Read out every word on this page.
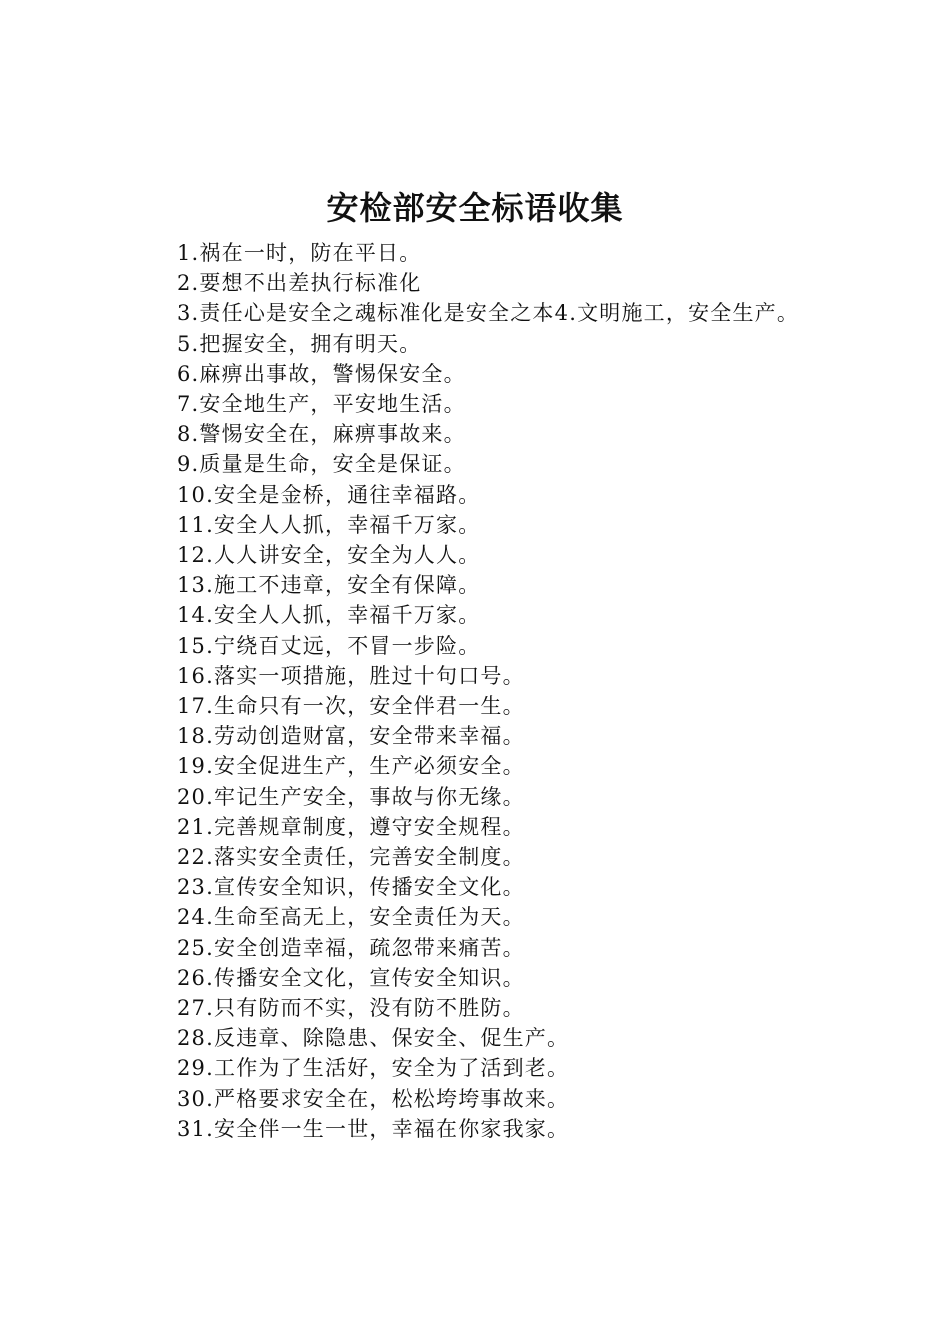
安检部安全标语收集

1.祸在一时，防在平日。

2.要想不出差执行标准化

3.责任心是安全之魂标准化是安全之本4.文明施工，安全生产。

5.把握安全，拥有明天。

6.麻痹出事故，警惕保安全。

7.安全地生产，平安地生活。

8.警惕安全在，麻痹事故来。

9.质量是生命，安全是保证。

10.安全是金桥，通往幸福路。

11.安全人人抓，幸福千万家。

12.人人讲安全，安全为人人。

13.施工不违章，安全有保障。

14.安全人人抓，幸福千万家。

15.宁绕百丈远，不冒一步险。

16.落实一项措施，胜过十句口号。

17.生命只有一次，安全伴君一生。

18.劳动创造财富，安全带来幸福。

19.安全促进生产，生产必须安全。

20.牢记生产安全，事故与你无缘。

21.完善规章制度，遵守安全规程。

22.落实安全责任，完善安全制度。

23.宣传安全知识，传播安全文化。

24.生命至高无上，安全责任为天。

25.安全创造幸福，疏忽带来痛苦。

26.传播安全文化，宣传安全知识。

27.只有防而不实，没有防不胜防。

28.反违章、除隐患、保安全、促生产。

29.工作为了生活好，安全为了活到老。

30.严格要求安全在，松松垮垮事故来。

31.安全伴一生一世，幸福在你家我家。
